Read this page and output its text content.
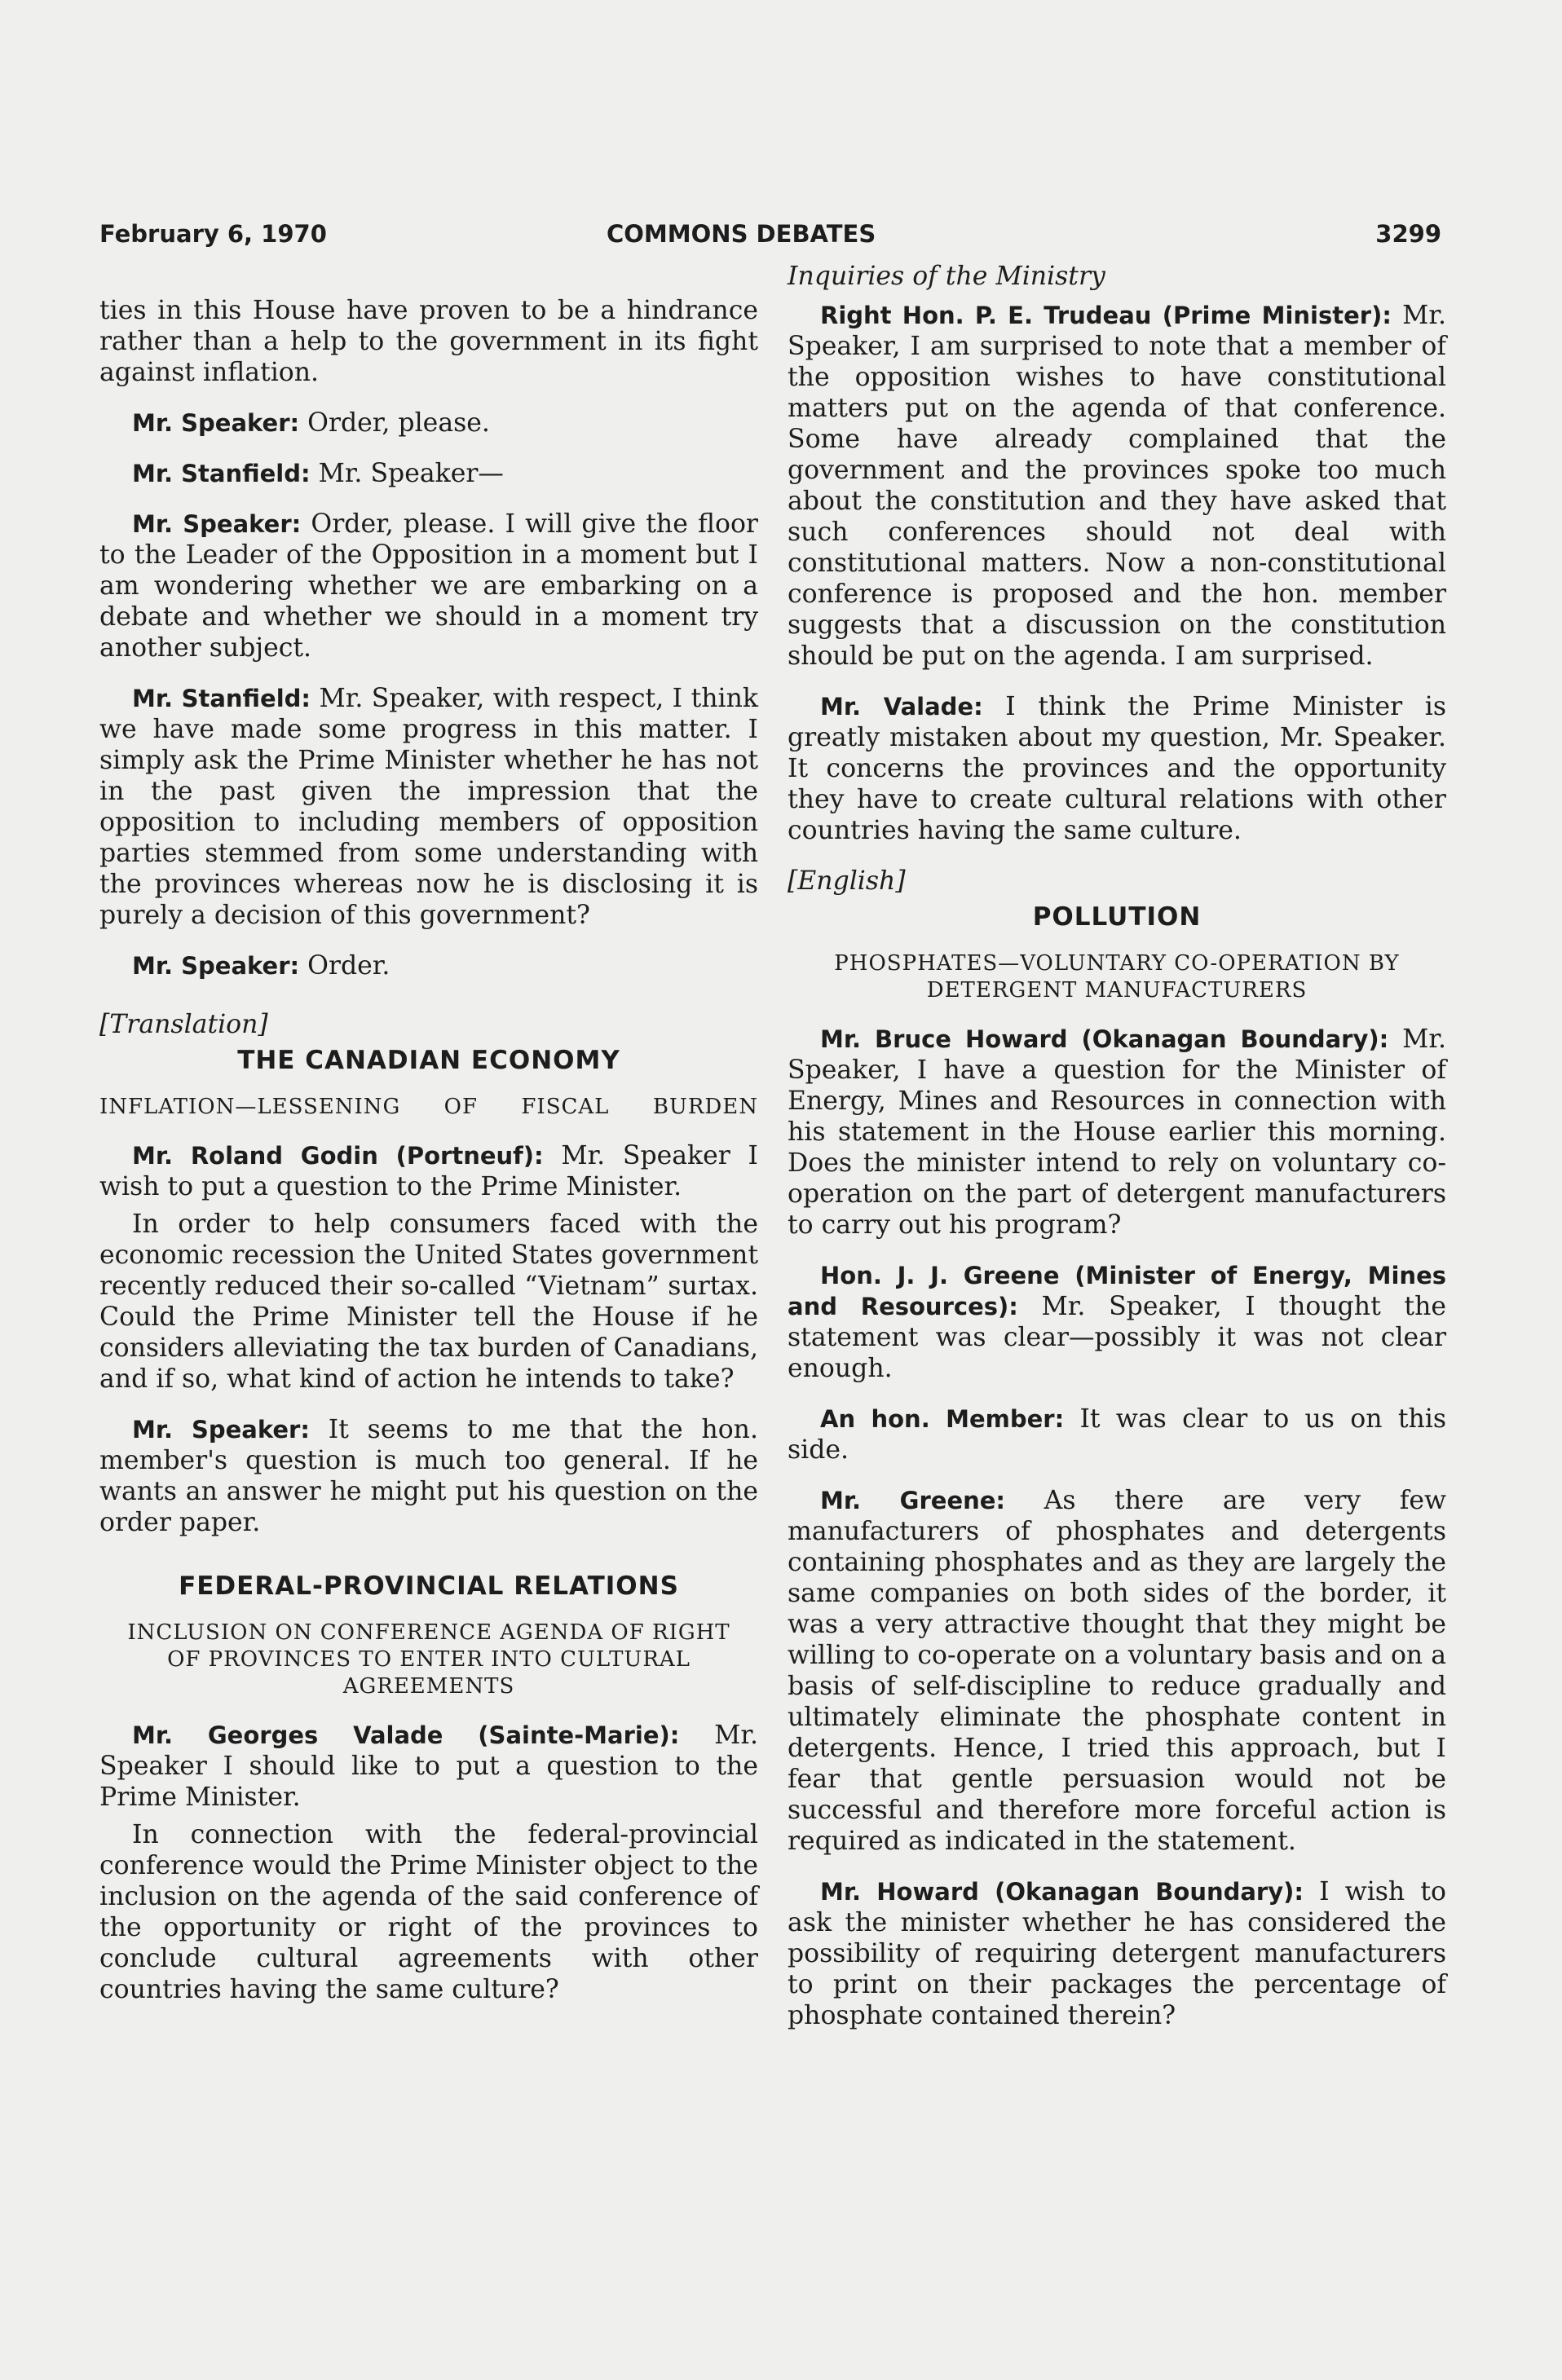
February 6, 1970	COMMONS DEBATES	3299

ties in this House have proven to be a hindrance rather than a help to the government in its fight against inflation.

Mr. Speaker: Order, please.

Mr. Stanfield: Mr. Speaker—

Mr. Speaker: Order, please. I will give the floor to the Leader of the Opposition in a moment but I am wondering whether we are embarking on a debate and whether we should in a moment try another subject.

Mr. Stanfield: Mr. Speaker, with respect, I think we have made some progress in this matter. I simply ask the Prime Minister whether he has not in the past given the impression that the opposition to including members of opposition parties stemmed from some understanding with the provinces whereas now he is disclosing it is purely a decision of this government?

Mr. Speaker: Order.

[Translation]

THE CANADIAN ECONOMY
INFLATION—LESSENING OF FISCAL BURDEN

Mr. Roland Godin (Portneuf): Mr. Speaker I wish to put a question to the Prime Minister.

In order to help consumers faced with the economic recession the United States government recently reduced their so-called “Vietnam” surtax. Could the Prime Minister tell the House if he considers alleviating the tax burden of Canadians, and if so, what kind of action he intends to take?

Mr. Speaker: It seems to me that the hon. member's question is much too general. If he wants an answer he might put his question on the order paper.

FEDERAL-PROVINCIAL RELATIONS
INCLUSION ON CONFERENCE AGENDA OF RIGHT OF PROVINCES TO ENTER INTO CULTURAL AGREEMENTS

Mr. Georges Valade (Sainte-Marie): Mr. Speaker I should like to put a question to the Prime Minister.

In connection with the federal-provincial conference would the Prime Minister object to the inclusion on the agenda of the said conference of the opportunity or right of the provinces to conclude cultural agreements with other countries having the same culture?

Inquiries of the Ministry

Right Hon. P. E. Trudeau (Prime Minister): Mr. Speaker, I am surprised to note that a member of the opposition wishes to have constitutional matters put on the agenda of that conference. Some have already complained that the government and the provinces spoke too much about the constitution and they have asked that such conferences should not deal with constitutional matters. Now a non-constitutional conference is proposed and the hon. member suggests that a discussion on the constitution should be put on the agenda. I am surprised.

Mr. Valade: I think the Prime Minister is greatly mistaken about my question, Mr. Speaker. It concerns the provinces and the opportunity they have to create cultural relations with other countries having the same culture.

[English]

POLLUTION
PHOSPHATES—VOLUNTARY CO-OPERATION BY DETERGENT MANUFACTURERS

Mr. Bruce Howard (Okanagan Boundary): Mr. Speaker, I have a question for the Minister of Energy, Mines and Resources in connection with his statement in the House earlier this morning. Does the minister intend to rely on voluntary co-operation on the part of detergent manufacturers to carry out his program?

Hon. J. J. Greene (Minister of Energy, Mines and Resources): Mr. Speaker, I thought the statement was clear—possibly it was not clear enough.

An hon. Member: It was clear to us on this side.

Mr. Greene: As there are very few manufacturers of phosphates and detergents containing phosphates and as they are largely the same companies on both sides of the border, it was a very attractive thought that they might be willing to co-operate on a voluntary basis and on a basis of self-discipline to reduce gradually and ultimately eliminate the phosphate content in detergents. Hence, I tried this approach, but I fear that gentle persuasion would not be successful and therefore more forceful action is required as indicated in the statement.

Mr. Howard (Okanagan Boundary): I wish to ask the minister whether he has considered the possibility of requiring detergent manufacturers to print on their packages the percentage of phosphate contained therein?
